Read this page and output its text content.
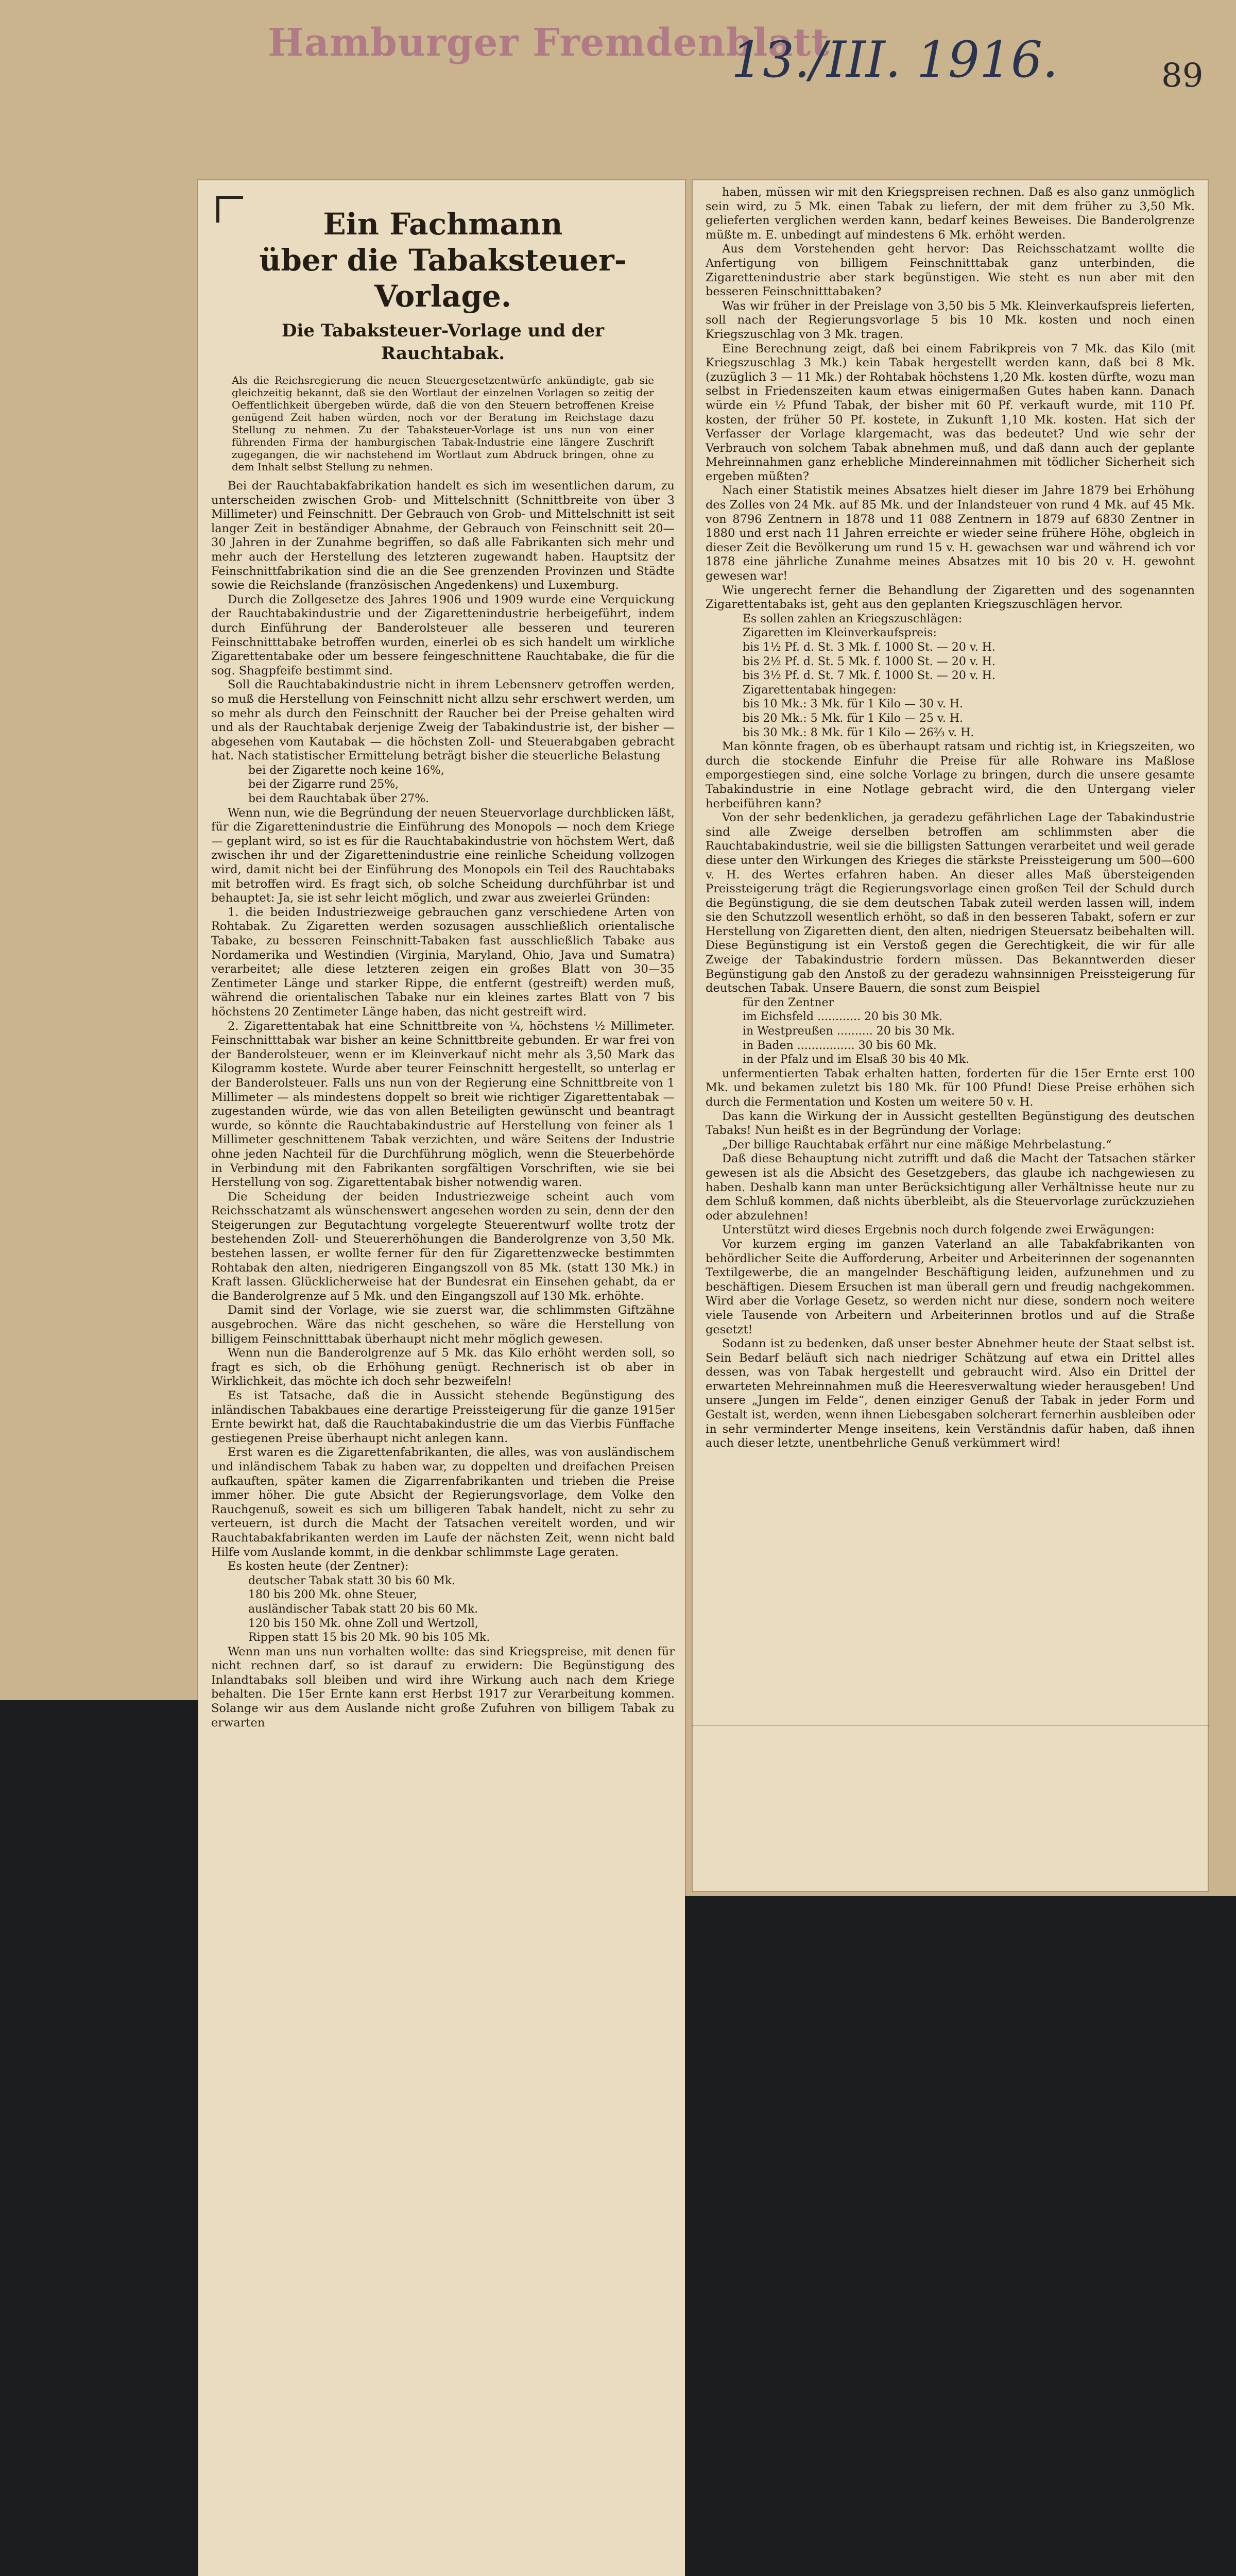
Hamburger Fremdenblatt
13./III. 1916.	89
Ein Fachmann
über die Tabaksteuer-Vorlage.
Die Tabaksteuer-Vorlage und der
Rauchtabak.
Als die Reichsregierung die neuen Steuergesetzentwürfe ankündigte, gab sie gleichzeitig bekannt, daß sie den Wortlaut der einzelnen Vorlagen so zeitig der Oeffentlichkeit übergeben würde, daß die von den Steuern betroffenen Kreise genügend Zeit haben würden, noch vor der Beratung im Reichstage dazu Stellung zu nehmen. Zu der Tabaksteuer-Vorlage ist uns nun von einer führenden Firma der hamburgischen Tabak-Industrie eine längere Zuschrift zugegangen, die wir nachstehend im Wortlaut zum Abdruck bringen, ohne zu dem Inhalt selbst Stellung zu nehmen.

Bei der Rauchtabakfabrikation handelt es sich im wesentlichen darum, zu unterscheiden zwischen Grob- und Mittelschnitt (Schnittbreite von über 3 Millimeter) und Feinschnitt. Der Gebrauch von Grob- und Mittelschnitt ist seit langer Zeit in beständiger Abnahme, der Gebrauch von Feinschnitt seit 20—30 Jahren in der Zunahme begriffen, so daß alle Fabrikanten sich mehr und mehr auch der Herstellung des letzteren zugewandt haben. Hauptsitz der Feinschnittfabrikation sind die an die See grenzenden Provinzen und Städte sowie die Reichslande (französischen Angedenkens) und Luxemburg.

Durch die Zollgesetze des Jahres 1906 und 1909 wurde eine Verquickung der Rauchtabakindustrie und der Zigarettenindustrie herbeigeführt, indem durch Einführung der Banderolsteuer alle besseren und teureren Feinschnitttabake betroffen wurden, einerlei ob es sich handelt um wirkliche Zigarettentabake oder um bessere feingeschnittene Rauchtabake, die für die sog. Shagpfeife bestimmt sind.

Soll die Rauchtabakindustrie nicht in ihrem Lebensnerv getroffen werden, so muß die Herstellung von Feinschnitt nicht allzu sehr erschwert werden, um so mehr als durch den Feinschnitt der Raucher bei der Preise gehalten wird und als der Rauchtabak derjenige Zweig der Tabakindustrie ist, der bisher — abgesehen vom Kautabak — die höchsten Zoll- und Steuerabgaben gebracht hat. Nach statistischer Ermittelung beträgt bisher die steuerliche Belastung

bei der Zigarette noch keine 16%,

bei der Zigarre rund 25%,

bei dem Rauchtabak über 27%.

Wenn nun, wie die Begründung der neuen Steuervorlage durchblicken läßt, für die Zigarettenindustrie die Einführung des Monopols — noch dem Kriege — geplant wird, so ist es für die Rauchtabakindustrie von höchstem Wert, daß zwischen ihr und der Zigarettenindustrie eine reinliche Scheidung vollzogen wird, damit nicht bei der Einführung des Monopols ein Teil des Rauchtabaks mit betroffen wird. Es fragt sich, ob solche Scheidung durchführbar ist und behauptet: Ja, sie ist sehr leicht möglich, und zwar aus zweierlei Gründen:

1. die beiden Industriezweige gebrauchen ganz verschiedene Arten von Rohtabak. Zu Zigaretten werden sozusagen ausschließlich orientalische Tabake, zu besseren Feinschnitt-Tabaken fast ausschließlich Tabake aus Nordamerika und Westindien (Virginia, Maryland, Ohio, Java und Sumatra) verarbeitet; alle diese letzteren zeigen ein großes Blatt von 30—35 Zentimeter Länge und starker Rippe, die entfernt (gestreift) werden muß, während die orientalischen Tabake nur ein kleines zartes Blatt von 7 bis höchstens 20 Zentimeter Länge haben, das nicht gestreift wird.

2. Zigarettentabak hat eine Schnittbreite von ¼, höchstens ½ Millimeter. Feinschnitttabak war bisher an keine Schnittbreite gebunden. Er war frei von der Banderolsteuer, wenn er im Kleinverkauf nicht mehr als 3,50 Mark das Kilogramm kostete. Wurde aber teurer Feinschnitt hergestellt, so unterlag er der Banderolsteuer. Falls uns nun von der Regierung eine Schnittbreite von 1 Millimeter — als mindestens doppelt so breit wie richtiger Zigarettentabak — zugestanden würde, wie das von allen Beteiligten gewünscht und beantragt wurde, so könnte die Rauchtabakindustrie auf Herstellung von feiner als 1 Millimeter geschnittenem Tabak verzichten, und wäre Seitens der Industrie ohne jeden Nachteil für die Durchführung möglich, wenn die Steuerbehörde in Verbindung mit den Fabrikanten sorgfältigen Vorschriften, wie sie bei Herstellung von sog. Zigarettentabak bisher notwendig waren.

Die Scheidung der beiden Industriezweige scheint auch vom Reichsschatzamt als wünschenswert angesehen worden zu sein, denn der den Steigerungen zur Begutachtung vorgelegte Steuerentwurf wollte trotz der bestehenden Zoll- und Steuererhöhungen die Banderolgrenze von 3,50 Mk. bestehen lassen, er wollte ferner für den für Zigarettenzwecke bestimmten Rohtabak den alten, niedrigeren Eingangszoll von 85 Mk. (statt 130 Mk.) in Kraft lassen. Glücklicherweise hat der Bundesrat ein Einsehen gehabt, da er die Banderolgrenze auf 5 Mk. und den Eingangszoll auf 130 Mk. erhöhte.

Damit sind der Vorlage, wie sie zuerst war, die schlimmsten Giftzähne ausgebrochen. Wäre das nicht geschehen, so wäre die Herstellung von billigem Feinschnitttabak überhaupt nicht mehr möglich gewesen.

Wenn nun die Banderolgrenze auf 5 Mk. das Kilo erhöht werden soll, so fragt es sich, ob die Erhöhung genügt. Rechnerisch ist ob aber in Wirklichkeit, das möchte ich doch sehr bezweifeln!

Es ist Tatsache, daß die in Aussicht stehende Begünstigung des inländischen Tabakbaues eine derartige Preissteigerung für die ganze 1915er Ernte bewirkt hat, daß die Rauchtabakindustrie die um das Vierbis Fünffache gestiegenen Preise überhaupt nicht anlegen kann.

Erst waren es die Zigarettenfabrikanten, die alles, was von ausländischem und inländischem Tabak zu haben war, zu doppelten und dreifachen Preisen aufkauften, später kamen die Zigarrenfabrikanten und trieben die Preise immer höher. Die gute Absicht der Regierungsvorlage, dem Volke den Rauchgenuß, soweit es sich um billigeren Tabak handelt, nicht zu sehr zu verteuern, ist durch die Macht der Tatsachen vereitelt worden, und wir Rauchtabakfabrikanten werden im Laufe der nächsten Zeit, wenn nicht bald Hilfe vom Auslande kommt, in die denkbar schlimmste Lage geraten.

Es kosten heute (der Zentner):

deutscher Tabak statt 30 bis 60 Mk.

180 bis 200 Mk. ohne Steuer,

ausländischer Tabak statt 20 bis 60 Mk.

120 bis 150 Mk. ohne Zoll und Wertzoll,

Rippen statt 15 bis 20 Mk. 90 bis 105 Mk.

Wenn man uns nun vorhalten wollte: das sind Kriegspreise, mit denen für nicht rechnen darf, so ist darauf zu erwidern: Die Begünstigung des Inlandtabaks soll bleiben und wird ihre Wirkung auch nach dem Kriege behalten. Die 15er Ernte kann erst Herbst 1917 zur Verarbeitung kommen. Solange wir aus dem Auslande nicht große Zufuhren von billigem Tabak zu erwarten

haben, müssen wir mit den Kriegspreisen rechnen. Daß es also ganz unmöglich sein wird, zu 5 Mk. einen Tabak zu liefern, der mit dem früher zu 3,50 Mk. gelieferten verglichen werden kann, bedarf keines Beweises. Die Banderolgrenze müßte m. E. unbedingt auf mindestens 6 Mk. erhöht werden.

Aus dem Vorstehenden geht hervor: Das Reichsschatzamt wollte die Anfertigung von billigem Feinschnitttabak ganz unterbinden, die Zigarettenindustrie aber stark begünstigen. Wie steht es nun aber mit den besseren Feinschnitttabaken?

Was wir früher in der Preislage von 3,50 bis 5 Mk. Kleinverkaufspreis lieferten, soll nach der Regierungsvorlage 5 bis 10 Mk. kosten und noch einen Kriegszuschlag von 3 Mk. tragen.

Eine Berechnung zeigt, daß bei einem Fabrikpreis von 7 Mk. das Kilo (mit Kriegszuschlag 3 Mk.) kein Tabak hergestellt werden kann, daß bei 8 Mk. (zuzüglich 3 — 11 Mk.) der Rohtabak höchstens 1,20 Mk. kosten dürfte, wozu man selbst in Friedenszeiten kaum etwas einigermaßen Gutes haben kann. Danach würde ein ½ Pfund Tabak, der bisher mit 60 Pf. verkauft wurde, mit 110 Pf. kosten, der früher 50 Pf. kostete, in Zukunft 1,10 Mk. kosten. Hat sich der Verfasser der Vorlage klargemacht, was das bedeutet? Und wie sehr der Verbrauch von solchem Tabak abnehmen muß, und daß dann auch der geplante Mehreinnahmen ganz erhebliche Mindereinnahmen mit tödlicher Sicherheit sich ergeben müßten?

Nach einer Statistik meines Absatzes hielt dieser im Jahre 1879 bei Erhöhung des Zolles von 24 Mk. auf 85 Mk. und der Inlandsteuer von rund 4 Mk. auf 45 Mk. von 8796 Zentnern in 1878 und 11 088 Zentnern in 1879 auf 6830 Zentner in 1880 und erst nach 11 Jahren erreichte er wieder seine frühere Höhe, obgleich in dieser Zeit die Bevölkerung um rund 15 v. H. gewachsen war und während ich vor 1878 eine jährliche Zunahme meines Absatzes mit 10 bis 20 v. H. gewohnt gewesen war!

Wie ungerecht ferner die Behandlung der Zigaretten und des sogenannten Zigarettentabaks ist, geht aus den geplanten Kriegszuschlägen hervor.

Es sollen zahlen an Kriegszuschlägen:

Zigaretten im Kleinverkaufspreis:

bis 1½ Pf. d. St. 3 Mk. f. 1000 St. — 20 v. H.

bis 2½ Pf. d. St. 5 Mk. f. 1000 St. — 20 v. H.

bis 3½ Pf. d. St. 7 Mk. f. 1000 St. — 20 v. H.

Zigarettentabak hingegen:

bis 10 Mk.: 3 Mk. für 1 Kilo — 30 v. H.

bis 20 Mk.: 5 Mk. für 1 Kilo — 25 v. H.

bis 30 Mk.: 8 Mk. für 1 Kilo — 26⅔ v. H.

Man könnte fragen, ob es überhaupt ratsam und richtig ist, in Kriegszeiten, wo durch die stockende Einfuhr die Preise für alle Rohware ins Maßlose emporgestiegen sind, eine solche Vorlage zu bringen, durch die unsere gesamte Tabakindustrie in eine Notlage gebracht wird, die den Untergang vieler herbeiführen kann?

Von der sehr bedenklichen, ja geradezu gefährlichen Lage der Tabakindustrie sind alle Zweige derselben betroffen am schlimmsten aber die Rauchtabakindustrie, weil sie die billigsten Sattungen verarbeitet und weil gerade diese unter den Wirkungen des Krieges die stärkste Preissteigerung um 500—600 v. H. des Wertes erfahren haben. An dieser alles Maß übersteigenden Preissteigerung trägt die Regierungsvorlage einen großen Teil der Schuld durch die Begünstigung, die sie dem deutschen Tabak zuteil werden lassen will, indem sie den Schutzzoll wesentlich erhöht, so daß in den besseren Tabakt, sofern er zur Herstellung von Zigaretten dient, den alten, niedrigen Steuersatz beibehalten will. Diese Begünstigung ist ein Verstoß gegen die Gerechtigkeit, die wir für alle Zweige der Tabakindustrie fordern müssen. Das Bekanntwerden dieser Begünstigung gab den Anstoß zu der geradezu wahnsinnigen Preissteigerung für deutschen Tabak. Unsere Bauern, die sonst zum Beispiel

für den Zentner

im Eichsfeld ............ 20 bis 30 Mk.

in Westpreußen .......... 20 bis 30 Mk.

in Baden ................ 30 bis 60 Mk.

in der Pfalz und im Elsaß 30 bis 40 Mk.

unfermentierten Tabak erhalten hatten, forderten für die 15er Ernte erst 100 Mk. und bekamen zuletzt bis 180 Mk. für 100 Pfund! Diese Preise erhöhen sich durch die Fermentation und Kosten um weitere 50 v. H.

Das kann die Wirkung der in Aussicht gestellten Begünstigung des deutschen Tabaks! Nun heißt es in der Begründung der Vorlage:

„Der billige Rauchtabak erfährt nur eine mäßige Mehrbelastung.“

Daß diese Behauptung nicht zutrifft und daß die Macht der Tatsachen stärker gewesen ist als die Absicht des Gesetzgebers, das glaube ich nachgewiesen zu haben. Deshalb kann man unter Berücksichtigung aller Verhältnisse heute nur zu dem Schluß kommen, daß nichts überbleibt, als die Steuervorlage zurückzuziehen oder abzulehnen!

Unterstützt wird dieses Ergebnis noch durch folgende zwei Erwägungen:

Vor kurzem erging im ganzen Vaterland an alle Tabakfabrikanten von behördlicher Seite die Aufforderung, Arbeiter und Arbeiterinnen der sogenannten Textilgewerbe, die an mangelnder Beschäftigung leiden, aufzunehmen und zu beschäftigen. Diesem Ersuchen ist man überall gern und freudig nachgekommen. Wird aber die Vorlage Gesetz, so werden nicht nur diese, sondern noch weitere viele Tausende von Arbeitern und Arbeiterinnen brotlos und auf die Straße gesetzt!

Sodann ist zu bedenken, daß unser bester Abnehmer heute der Staat selbst ist. Sein Bedarf beläuft sich nach niedriger Schätzung auf etwa ein Drittel alles dessen, was von Tabak hergestellt und gebraucht wird. Also ein Drittel der erwarteten Mehreinnahmen muß die Heeresverwaltung wieder herausgeben! Und unsere „Jungen im Felde“, denen einziger Genuß der Tabak in jeder Form und Gestalt ist, werden, wenn ihnen Liebesgaben solcherart fernerhin ausbleiben oder in sehr verminderter Menge inseitens, kein Verständnis dafür haben, daß ihnen auch dieser letzte, unentbehrliche Genuß verkümmert wird!
